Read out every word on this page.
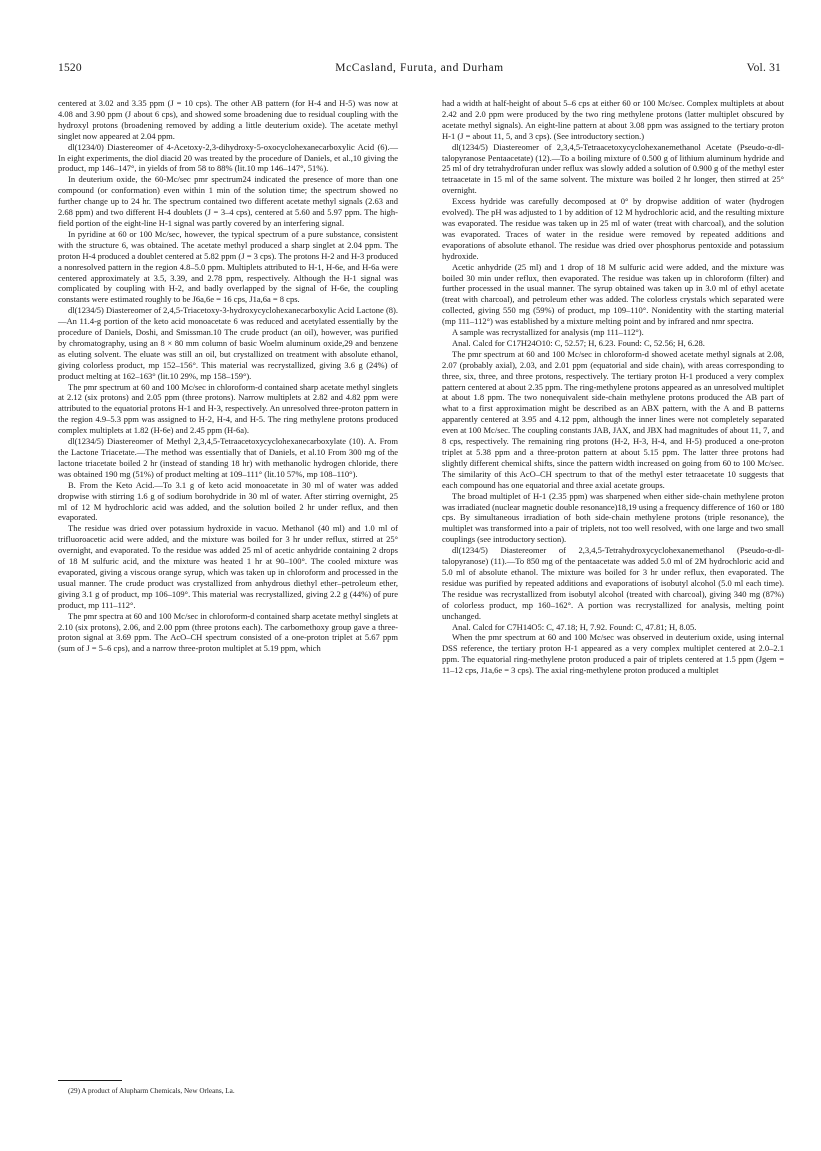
1520	McCasland, Furuta, and Durham	Vol. 31

centered at 3.02 and 3.35 ppm (J = 10 cps). The other AB pattern (for H-4 and H-5) was now at 4.08 and 3.90 ppm (J about 6 cps), and showed some broadening due to residual coupling with the hydroxyl protons (broadening removed by adding a little deuterium oxide). The acetate methyl singlet now appeared at 2.04 ppm.

dl(1234/0) Diastereomer of 4-Acetoxy-2,3-dihydroxy-5-oxocyclohexanecarboxylic Acid (6).—In eight experiments, the diol diacid 20 was treated by the procedure of Daniels, et al.,10 giving the product, mp 146–147°, in yields of from 58 to 88% (lit.10 mp 146–147°, 51%).

In deuterium oxide, the 60-Mc/sec pmr spectrum24 indicated the presence of more than one compound (or conformation) even within 1 min of the solution time; the spectrum showed no further change up to 24 hr. The spectrum contained two different acetate methyl signals (2.63 and 2.68 ppm) and two different H-4 doublets (J = 3–4 cps), centered at 5.60 and 5.97 ppm. The high-field portion of the eight-line H-1 signal was partly covered by an interfering signal.

In pyridine at 60 or 100 Mc/sec, however, the typical spectrum of a pure substance, consistent with the structure 6, was obtained. The acetate methyl produced a sharp singlet at 2.04 ppm. The proton H-4 produced a doublet centered at 5.82 ppm (J = 3 cps). The protons H-2 and H-3 produced a nonresolved pattern in the region 4.8–5.0 ppm. Multiplets attributed to H-1, H-6e, and H-6a were centered approximately at 3.5, 3.39, and 2.78 ppm, respectively. Although the H-1 signal was complicated by coupling with H-2, and badly overlapped by the signal of H-6e, the coupling constants were estimated roughly to be J6a,6e = 16 cps, J1a,6a = 8 cps.

dl(1234/5) Diastereomer of 2,4,5-Triacetoxy-3-hydroxycyclohexanecarboxylic Acid Lactone (8).—An 11.4-g portion of the keto acid monoacetate 6 was reduced and acetylated essentially by the procedure of Daniels, Doshi, and Smissman.10 The crude product (an oil), however, was purified by chromatography, using an 8 × 80 mm column of basic Woelm aluminum oxide,29 and benzene as eluting solvent. The eluate was still an oil, but crystallized on treatment with absolute ethanol, giving colorless product, mp 152–156°. This material was recrystallized, giving 3.6 g (24%) of product melting at 162–163° (lit.10 29%, mp 158–159°).

The pmr spectrum at 60 and 100 Mc/sec in chloroform-d contained sharp acetate methyl singlets at 2.12 (six protons) and 2.05 ppm (three protons). Narrow multiplets at 2.82 and 4.82 ppm were attributed to the equatorial protons H-1 and H-3, respectively. An unresolved three-proton pattern in the region 4.9–5.3 ppm was assigned to H-2, H-4, and H-5. The ring methylene protons produced complex multiplets at 1.82 (H-6e) and 2.45 ppm (H-6a).

dl(1234/5) Diastereomer of Methyl 2,3,4,5-Tetraacetoxycyclohexanecarboxylate (10). A. From the Lactone Triacetate.—The method was essentially that of Daniels, et al.10 From 300 mg of the lactone triacetate boiled 2 hr (instead of standing 18 hr) with methanolic hydrogen chloride, there was obtained 190 mg (51%) of product melting at 109–111° (lit.10 57%, mp 108–110°).

B. From the Keto Acid.—To 3.1 g of keto acid monoacetate in 30 ml of water was added dropwise with stirring 1.6 g of sodium borohydride in 30 ml of water. After stirring overnight, 25 ml of 12 M hydrochloric acid was added, and the solution boiled 2 hr under reflux, and then evaporated.

The residue was dried over potassium hydroxide in vacuo. Methanol (40 ml) and 1.0 ml of trifluoroacetic acid were added, and the mixture was boiled for 3 hr under reflux, stirred at 25° overnight, and evaporated. To the residue was added 25 ml of acetic anhydride containing 2 drops of 18 M sulfuric acid, and the mixture was heated 1 hr at 90–100°. The cooled mixture was evaporated, giving a viscous orange syrup, which was taken up in chloroform and processed in the usual manner. The crude product was crystallized from anhydrous diethyl ether–petroleum ether, giving 3.1 g of product, mp 106–109°. This material was recrystallized, giving 2.2 g (44%) of pure product, mp 111–112°.

The pmr spectra at 60 and 100 Mc/sec in chloroform-d contained sharp acetate methyl singlets at 2.10 (six protons), 2.06, and 2.00 ppm (three protons each). The carbomethoxy group gave a three-proton signal at 3.69 ppm. The AcO–CH spectrum consisted of a one-proton triplet at 5.67 ppm (sum of J = 5–6 cps), and a narrow three-proton multiplet at 5.19 ppm, which

(29) A product of Alupharm Chemicals, New Orleans, La.

had a width at half-height of about 5–6 cps at either 60 or 100 Mc/sec. Complex multiplets at about 2.42 and 2.0 ppm were produced by the two ring methylene protons (latter multiplet obscured by acetate methyl signals). An eight-line pattern at about 3.08 ppm was assigned to the tertiary proton H-1 (J = about 11, 5, and 3 cps). (See introductory section.)

dl(1234/5) Diastereomer of 2,3,4,5-Tetraacetoxycyclohexanemethanol Acetate (Pseudo-α-dl-talopyranose Pentaacetate) (12).—To a boiling mixture of 0.500 g of lithium aluminum hydride and 25 ml of dry tetrahydrofuran under reflux was slowly added a solution of 0.900 g of the methyl ester tetraacetate in 15 ml of the same solvent. The mixture was boiled 2 hr longer, then stirred at 25° overnight.

Excess hydride was carefully decomposed at 0° by dropwise addition of water (hydrogen evolved). The pH was adjusted to 1 by addition of 12 M hydrochloric acid, and the resulting mixture was evaporated. The residue was taken up in 25 ml of water (treat with charcoal), and the solution was evaporated. Traces of water in the residue were removed by repeated additions and evaporations of absolute ethanol. The residue was dried over phosphorus pentoxide and potassium hydroxide.

Acetic anhydride (25 ml) and 1 drop of 18 M sulfuric acid were added, and the mixture was boiled 30 min under reflux, then evaporated. The residue was taken up in chloroform (filter) and further processed in the usual manner. The syrup obtained was taken up in 3.0 ml of ethyl acetate (treat with charcoal), and petroleum ether was added. The colorless crystals which separated were collected, giving 550 mg (59%) of product, mp 109–110°. Nonidentity with the starting material (mp 111–112°) was established by a mixture melting point and by infrared and nmr spectra.

A sample was recrystallized for analysis (mp 111–112°).

Anal. Calcd for C17H24O10: C, 52.57; H, 6.23. Found: C, 52.56; H, 6.28.

The pmr spectrum at 60 and 100 Mc/sec in chloroform-d showed acetate methyl signals at 2.08, 2.07 (probably axial), 2.03, and 2.01 ppm (equatorial and side chain), with areas corresponding to three, six, three, and three protons, respectively. The tertiary proton H-1 produced a very complex pattern centered at about 2.35 ppm. The ring-methylene protons appeared as an unresolved multiplet at about 1.8 ppm. The two nonequivalent side-chain methylene protons produced the AB part of what to a first approximation might be described as an ABX pattern, with the A and B patterns apparently centered at 3.95 and 4.12 ppm, although the inner lines were not completely separated even at 100 Mc/sec. The coupling constants JAB, JAX, and JBX had magnitudes of about 11, 7, and 8 cps, respectively. The remaining ring protons (H-2, H-3, H-4, and H-5) produced a one-proton triplet at 5.38 ppm and a three-proton pattern at about 5.15 ppm. The latter three protons had slightly different chemical shifts, since the pattern width increased on going from 60 to 100 Mc/sec. The similarity of this AcO–CH spectrum to that of the methyl ester tetraacetate 10 suggests that each compound has one equatorial and three axial acetate groups.

The broad multiplet of H-1 (2.35 ppm) was sharpened when either side-chain methylene proton was irradiated (nuclear magnetic double resonance)18,19 using a frequency difference of 160 or 180 cps. By simultaneous irradiation of both side-chain methylene protons (triple resonance), the multiplet was transformed into a pair of triplets, not too well resolved, with one large and two small couplings (see introductory section).

dl(1234/5) Diastereomer of 2,3,4,5-Tetrahydroxycyclohexanemethanol (Pseudo-α-dl-talopyranose) (11).—To 850 mg of the pentaacetate was added 5.0 ml of 2M hydrochloric acid and 5.0 ml of absolute ethanol. The mixture was boiled for 3 hr under reflux, then evaporated. The residue was purified by repeated additions and evaporations of isobutyl alcohol (5.0 ml each time). The residue was recrystallized from isobutyl alcohol (treated with charcoal), giving 340 mg (87%) of colorless product, mp 160–162°. A portion was recrystallized for analysis, melting point unchanged.

Anal. Calcd for C7H14O5: C, 47.18; H, 7.92. Found: C, 47.81; H, 8.05.

When the pmr spectrum at 60 and 100 Mc/sec was observed in deuterium oxide, using internal DSS reference, the tertiary proton H-1 appeared as a very complex multiplet centered at 2.0–2.1 ppm. The equatorial ring-methylene proton produced a pair of triplets centered at 1.5 ppm (Jgem = 11–12 cps, J1a,6e = 3 cps). The axial ring-methylene proton produced a multiplet
